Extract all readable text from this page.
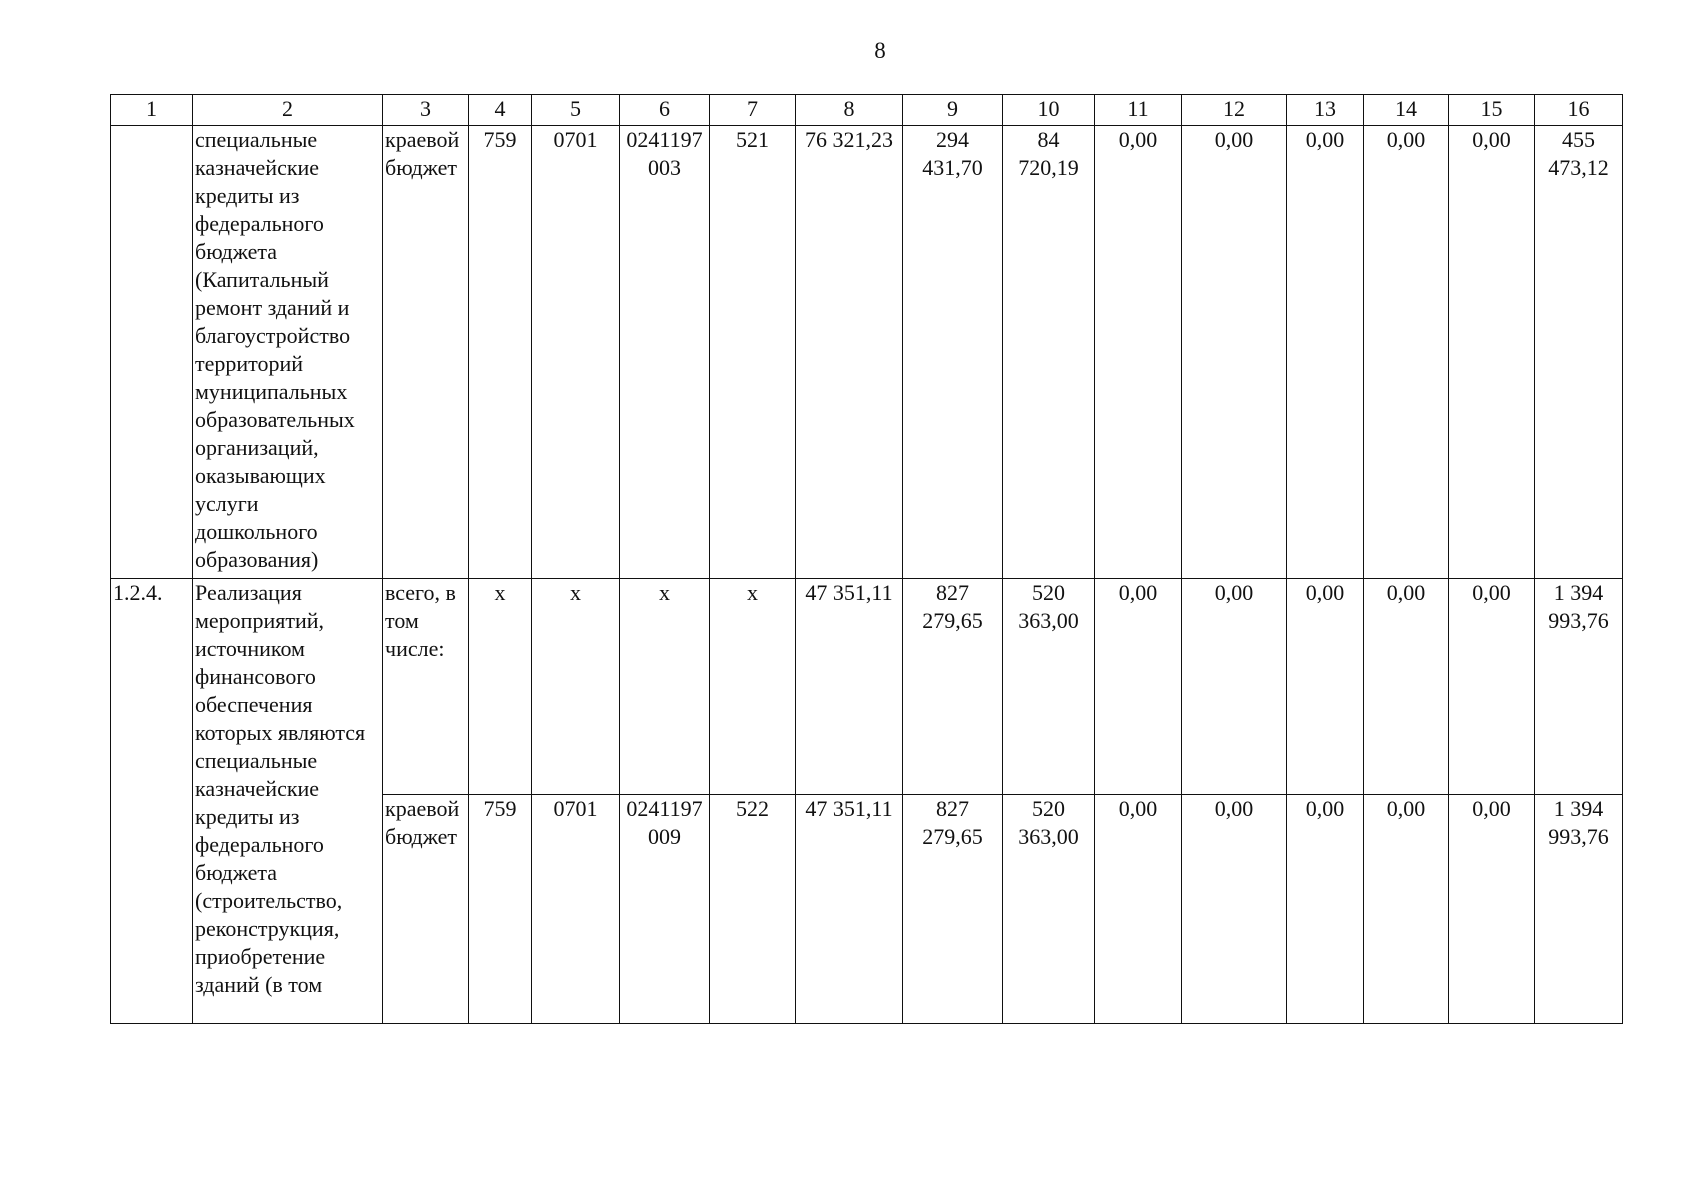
8
1	2	3	4	5	6	7	8	9	10	11	12	13	14	15	16
	специальные казначейские кредиты из федерального бюджета (Капитальный ремонт зданий и благоустройство территорий муниципальных образовательных организаций, оказывающих услуги дошкольного образования)	краевой бюджет	759	0701	0241197003	521	76 321,23	294 431,70	84 720,19	0,00	0,00	0,00	0,00	0,00	455 473,12
1.2.4.	Реализация мероприятий, источником финансового обеспечения которых являются специальные казначейские кредиты из федерального бюджета (строительство, реконструкция, приобретение зданий (в том	всего, в том числе:	х	х	х	х	47 351,11	827 279,65	520 363,00	0,00	0,00	0,00	0,00	0,00	1 394 993,76
		краевой бюджет	759	0701	0241197009	522	47 351,11	827 279,65	520 363,00	0,00	0,00	0,00	0,00	0,00	1 394 993,76
